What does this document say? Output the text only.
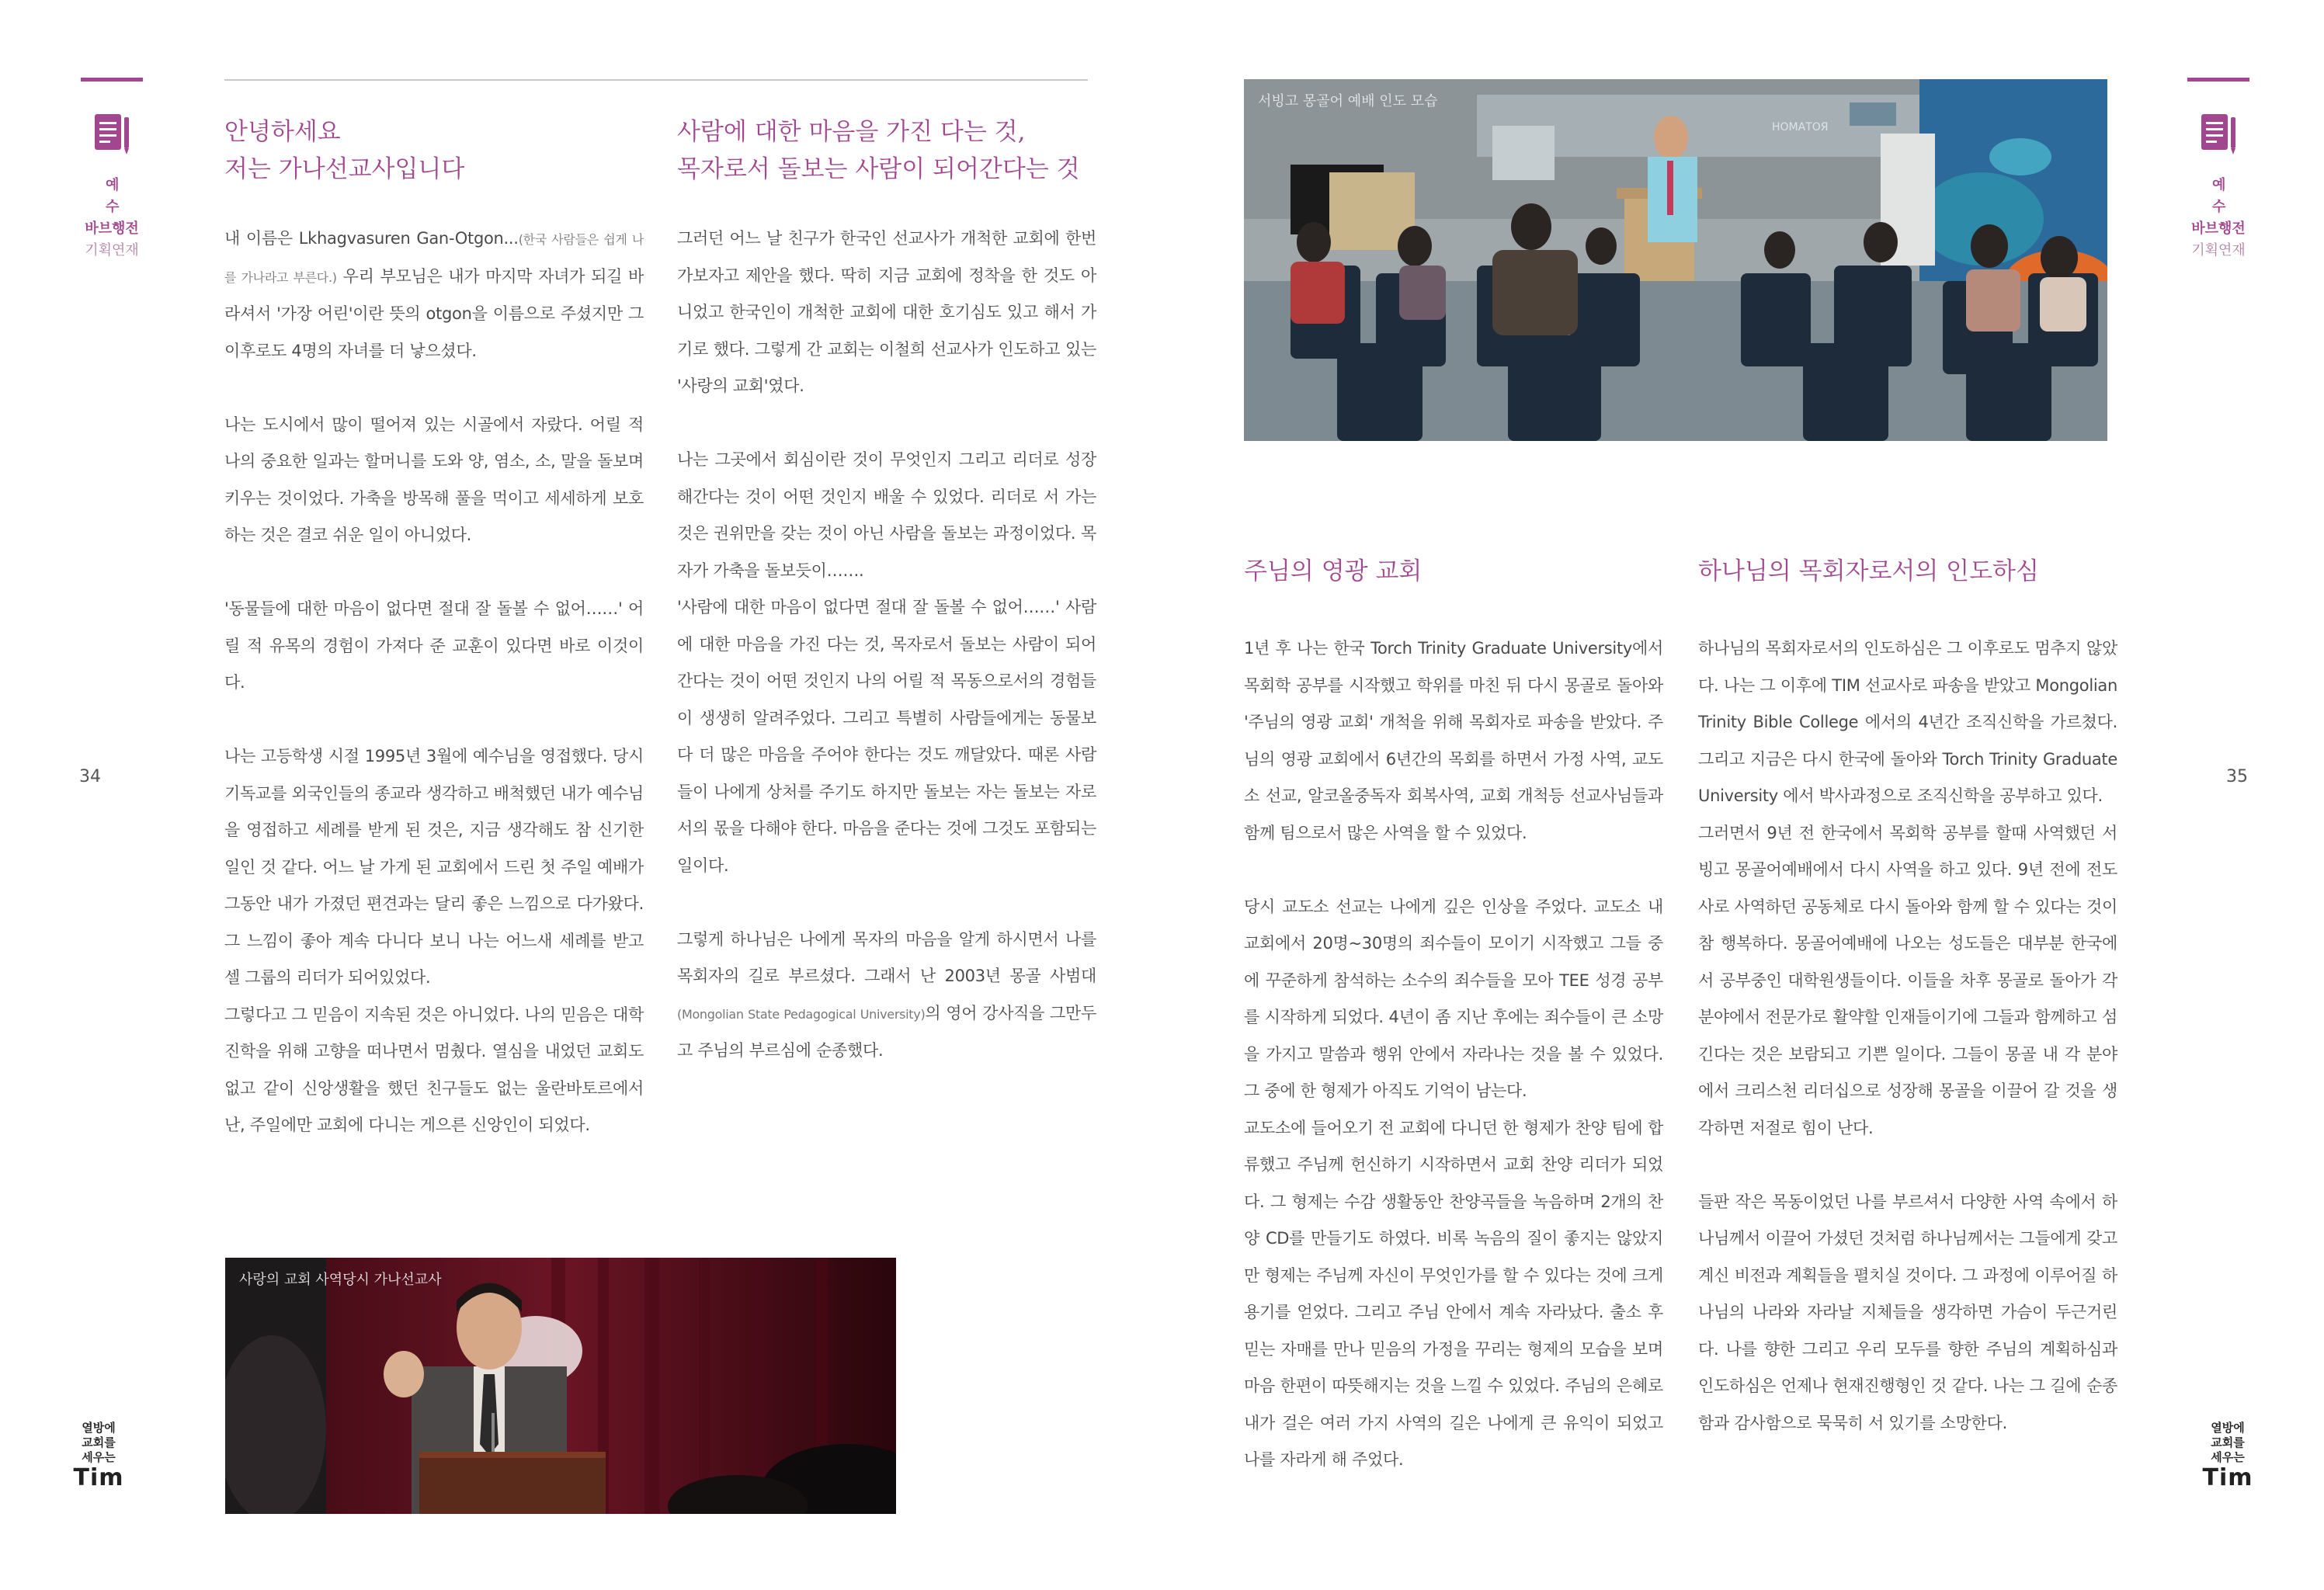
예수
바브행전
기획연재
34
열방에
교회를
세우는
Tim
안녕하세요
저는 가나선교사입니다

내 이름은 Lkhagvasuren Gan-Otgon...(한국 사람들은 쉽게 나를 가나라고 부른다.) 우리 부모님은 내가 마지막 자녀가 되길 바라셔서 '가장 어린'이란 뜻의 otgon을 이름으로 주셨지만 그 이후로도 4명의 자녀를 더 낳으셨다.

나는 도시에서 많이 떨어져 있는 시골에서 자랐다. 어릴 적 나의 중요한 일과는 할머니를 도와 양, 염소, 소, 말을 돌보며 키우는 것이었다. 가축을 방목해 풀을 먹이고 세세하게 보호하는 것은 결코 쉬운 일이 아니었다.

'동물들에 대한 마음이 없다면 절대 잘 돌볼 수 없어……' 어릴 적 유목의 경험이 가져다 준 교훈이 있다면 바로 이것이다.

나는 고등학생 시절 1995년 3월에 예수님을 영접했다. 당시 기독교를 외국인들의 종교라 생각하고 배척했던 내가 예수님을 영접하고 세례를 받게 된 것은, 지금 생각해도 참 신기한 일인 것 같다. 어느 날 가게 된 교회에서 드린 첫 주일 예배가 그동안 내가 가졌던 편견과는 달리 좋은 느낌으로 다가왔다. 그 느낌이 좋아 계속 다니다 보니 나는 어느새 세례를 받고 셀 그룹의 리더가 되어있었다.

그렇다고 그 믿음이 지속된 것은 아니었다. 나의 믿음은 대학 진학을 위해 고향을 떠나면서 멈췄다. 열심을 내었던 교회도 없고 같이 신앙생활을 했던 친구들도 없는 울란바토르에서 난, 주일에만 교회에 다니는 게으른 신앙인이 되었다.

사람에 대한 마음을 가진 다는 것,
목자로서 돌보는 사람이 되어간다는 것

그러던 어느 날 친구가 한국인 선교사가 개척한 교회에 한번 가보자고 제안을 했다. 딱히 지금 교회에 정착을 한 것도 아니었고 한국인이 개척한 교회에 대한 호기심도 있고 해서 가기로 했다. 그렇게 간 교회는 이철희 선교사가 인도하고 있는 '사랑의 교회'였다.

나는 그곳에서 회심이란 것이 무엇인지 그리고 리더로 성장해간다는 것이 어떤 것인지 배울 수 있었다. 리더로 서 가는 것은 권위만을 갖는 것이 아닌 사람을 돌보는 과정이었다. 목자가 가축을 돌보듯이…….

'사람에 대한 마음이 없다면 절대 잘 돌볼 수 없어……' 사람에 대한 마음을 가진 다는 것, 목자로서 돌보는 사람이 되어간다는 것이 어떤 것인지 나의 어릴 적 목동으로서의 경험들이 생생히 알려주었다. 그리고 특별히 사람들에게는 동물보다 더 많은 마음을 주어야 한다는 것도 깨달았다. 때론 사람들이 나에게 상처를 주기도 하지만 돌보는 자는 돌보는 자로서의 몫을 다해야 한다. 마음을 준다는 것에 그것도 포함되는 일이다.

그렇게 하나님은 나에게 목자의 마음을 알게 하시면서 나를 목회자의 길로 부르셨다. 그래서 난 2003년 몽골 사범대(Mongolian State Pedagogical University)의 영어 강사직을 그만두고 주님의 부르심에 순종했다.

사랑의 교회 사역당시 가나선교사
예수
바브행전
기획연재
35
열방에
교회를
세우는
Tim
НОМАТОЯ
서빙고 몽골어 예배 인도 모습
주님의 영광 교회

1년 후 나는 한국 Torch Trinity Graduate University에서 목회학 공부를 시작했고 학위를 마친 뒤 다시 몽골로 돌아와 '주님의 영광 교회' 개척을 위해 목회자로 파송을 받았다. 주님의 영광 교회에서 6년간의 목회를 하면서 가정 사역, 교도소 선교, 알코올중독자 회복사역, 교회 개척등 선교사님들과 함께 팀으로서 많은 사역을 할 수 있었다.

당시 교도소 선교는 나에게 깊은 인상을 주었다. 교도소 내 교회에서 20명~30명의 죄수들이 모이기 시작했고 그들 중에 꾸준하게 참석하는 소수의 죄수들을 모아 TEE 성경 공부를 시작하게 되었다. 4년이 좀 지난 후에는 죄수들이 큰 소망을 가지고 말씀과 행위 안에서 자라나는 것을 볼 수 있었다. 그 중에 한 형제가 아직도 기억이 남는다.

교도소에 들어오기 전 교회에 다니던 한 형제가 찬양 팀에 합류했고 주님께 헌신하기 시작하면서 교회 찬양 리더가 되었다. 그 형제는 수감 생활동안 찬양곡들을 녹음하며 2개의 찬양 CD를 만들기도 하였다. 비록 녹음의 질이 좋지는 않았지만 형제는 주님께 자신이 무엇인가를 할 수 있다는 것에 크게 용기를 얻었다. 그리고 주님 안에서 계속 자라났다. 출소 후 믿는 자매를 만나 믿음의 가정을 꾸리는 형제의 모습을 보며 마음 한편이 따뜻해지는 것을 느낄 수 있었다. 주님의 은혜로 내가 걸은 여러 가지 사역의 길은 나에게 큰 유익이 되었고 나를 자라게 해 주었다.

하나님의 목회자로서의 인도하심

하나님의 목회자로서의 인도하심은 그 이후로도 멈추지 않았다. 나는 그 이후에 TIM 선교사로 파송을 받았고 Mongolian Trinity Bible College 에서의 4년간 조직신학을 가르쳤다. 그리고 지금은 다시 한국에 돌아와 Torch Trinity Graduate University 에서 박사과정으로 조직신학을 공부하고 있다.

그러면서 9년 전 한국에서 목회학 공부를 할때 사역했던 서빙고 몽골어예배에서 다시 사역을 하고 있다. 9년 전에 전도사로 사역하던 공동체로 다시 돌아와 함께 할 수 있다는 것이 참 행복하다. 몽골어예배에 나오는 성도들은 대부분 한국에서 공부중인 대학원생들이다. 이들을 차후 몽골로 돌아가 각 분야에서 전문가로 활약할 인재들이기에 그들과 함께하고 섬긴다는 것은 보람되고 기쁜 일이다. 그들이 몽골 내 각 분야에서 크리스천 리더십으로 성장해 몽골을 이끌어 갈 것을 생각하면 저절로 힘이 난다.

들판 작은 목동이었던 나를 부르셔서 다양한 사역 속에서 하나님께서 이끌어 가셨던 것처럼 하나님께서는 그들에게 갖고 계신 비전과 계획들을 펼치실 것이다. 그 과정에 이루어질 하나님의 나라와 자라날 지체들을 생각하면 가슴이 두근거린다. 나를 향한 그리고 우리 모두를 향한 주님의 계획하심과 인도하심은 언제나 현재진행형인 것 같다. 나는 그 길에 순종함과 감사함으로 묵묵히 서 있기를 소망한다.
